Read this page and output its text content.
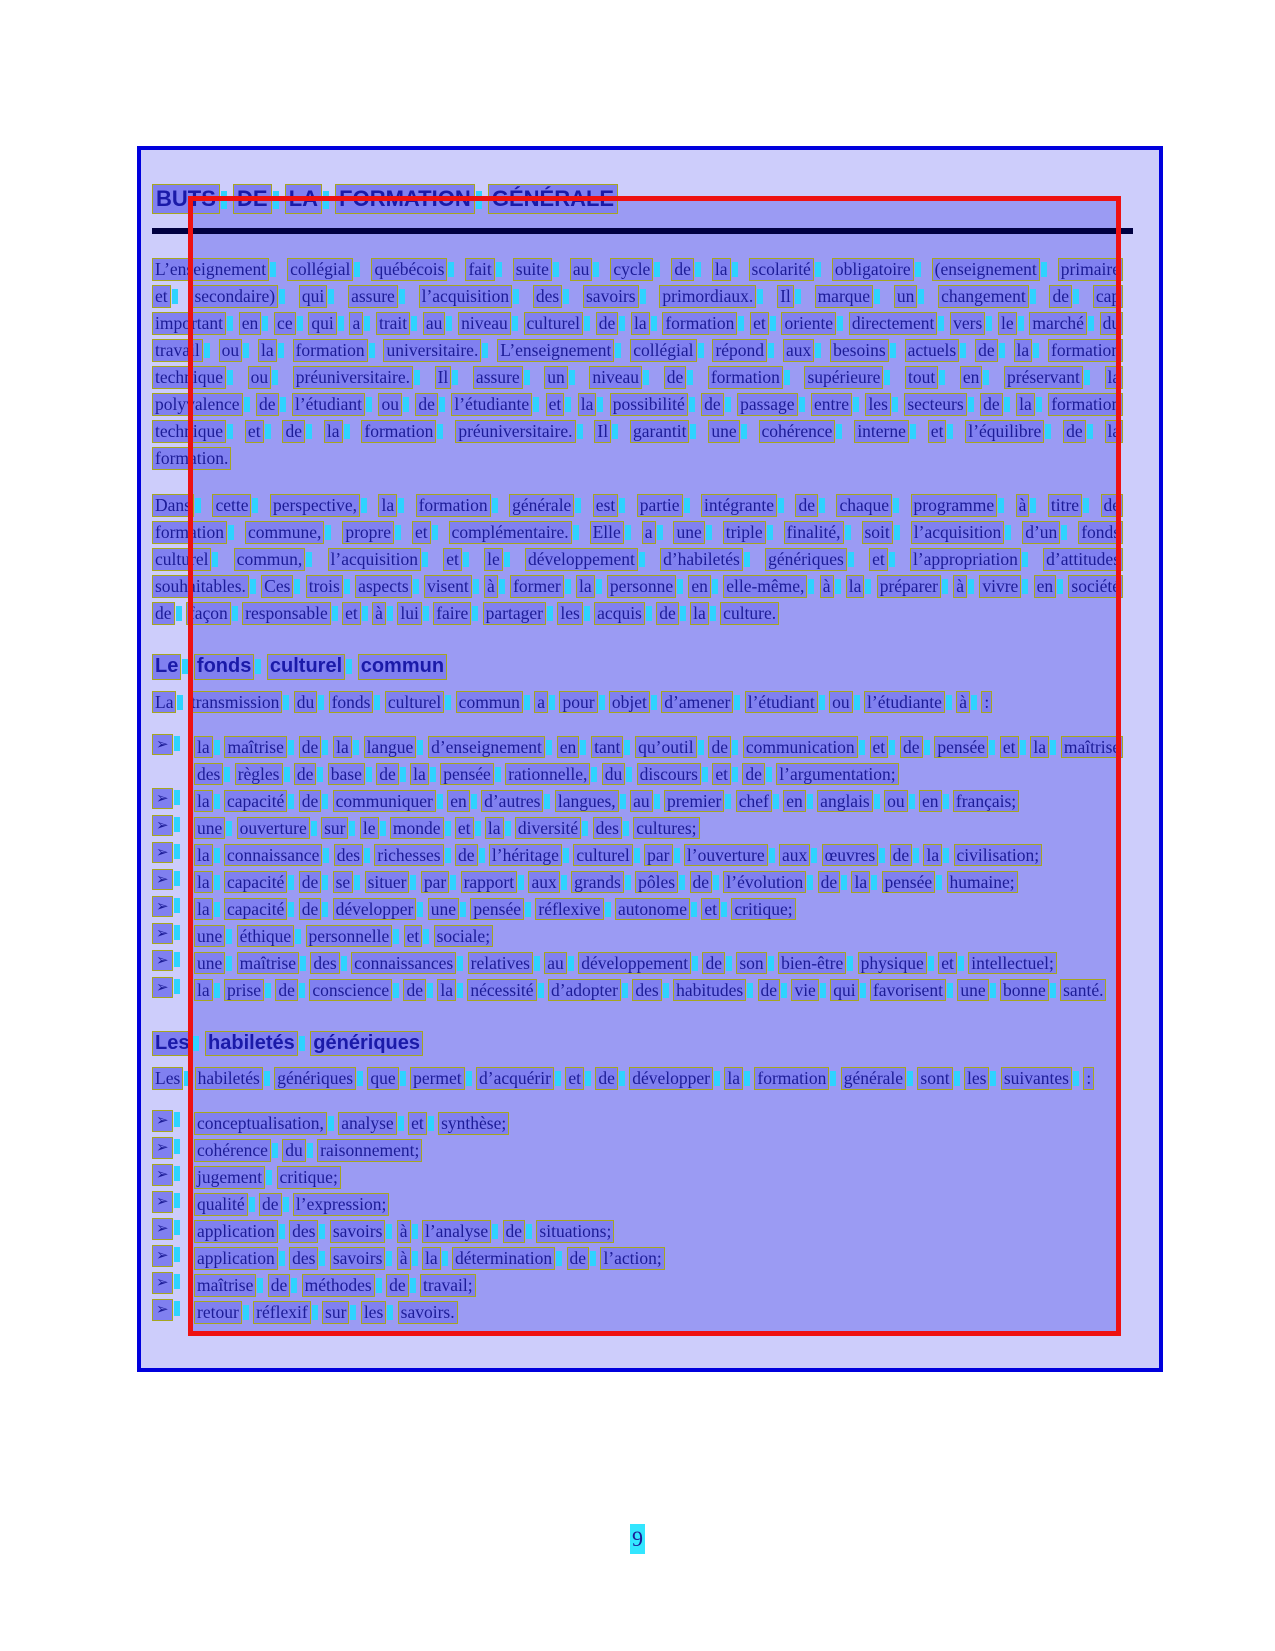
BUTS DE LA FORMATION GÉNÉRALE
L’enseignement collégial québécois fait suite au cycle de la scolarité obligatoire (enseignement primaire
et secondaire) qui assure l’acquisition des savoirs primordiaux. Il marque un changement de cap
important en ce qui a trait au niveau culturel de la formation et oriente directement vers le marché du
travail ou la formation universitaire. L’enseignement collégial répond aux besoins actuels de la formation
technique ou préuniversitaire. Il assure un niveau de formation supérieure tout en préservant la
polyvalence de l’étudiant ou de l’étudiante et la possibilité de passage entre les secteurs de la formation
technique et de la formation préuniversitaire. Il garantit une cohérence interne et l’équilibre de la
formation.
Dans cette perspective, la formation générale est partie intégrante de chaque programme à titre de
formation commune, propre et complémentaire. Elle a une triple finalité, soit l’acquisition d’un fonds
culturel commun, l’acquisition et le développement d’habiletés génériques et l’appropriation d’attitudes
souhaitables. Ces trois aspects visent à former la personne en elle-même, à la préparer à vivre en société
de façon responsable et à lui faire partager les acquis de la culture.
Le fonds culturel commun
La transmission du fonds culturel commun a pour objet d’amener l’étudiant ou l’étudiante à :
➢	la maîtrise de la langue d’enseignement en tant qu’outil de communication et de pensée et la maîtrise
des règles de base de la pensée rationnelle, du discours et de l’argumentation;
➢	la capacité de communiquer en d’autres langues, au premier chef en anglais ou en français;
➢	une ouverture sur le monde et la diversité des cultures;
➢	la connaissance des richesses de l’héritage culturel par l’ouverture aux œuvres de la civilisation;
➢	la capacité de se situer par rapport aux grands pôles de l’évolution de la pensée humaine;
➢	la capacité de développer une pensée réflexive autonome et critique;
➢	une éthique personnelle et sociale;
➢	une maîtrise des connaissances relatives au développement de son bien-être physique et intellectuel;
➢	la prise de conscience de la nécessité d’adopter des habitudes de vie qui favorisent une bonne santé.
Les habiletés génériques
Les habiletés génériques que permet d’acquérir et de développer la formation générale sont les suivantes :
➢	conceptualisation, analyse et synthèse;
➢	cohérence du raisonnement;
➢	jugement critique;
➢	qualité de l’expression;
➢	application des savoirs à l’analyse de situations;
➢	application des savoirs à la détermination de l’action;
➢	maîtrise de méthodes de travail;
➢	retour réflexif sur les savoirs.
9
